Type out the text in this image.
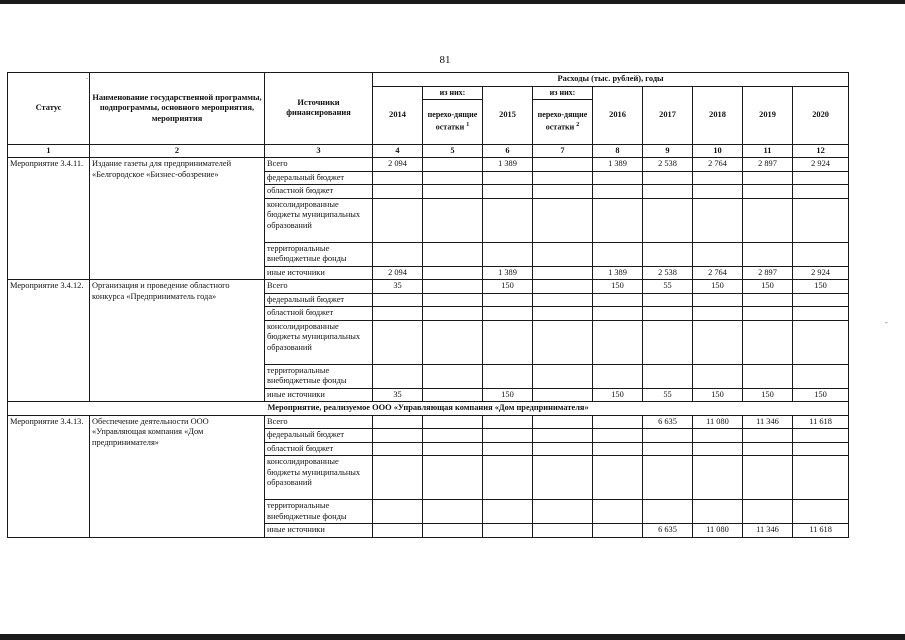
81
.
-
Статус	Наименование государственной программы, подпрограммы, основного мероприятия, мероприятия	Источники финансирования	Расходы (тыс. рублей), годы								
			2014	из них:	2015	из них:	2016	2017	2018	2019	2020
				перехо-дящие остатки $^1$		перехо-дящие остатки $^2$
1	2	3	4	5	6	7	8	9	10	11	12
Мероприятие 3.4.11.	Издание газеты для предпринимателей «Белгородское «Бизнес-обозрение»	Всего	2 094		1 389		1 389	2 538	2 764	2 897	2 924
		федеральный бюджет									
		областной бюджет									
		консолидированные бюджеты муниципальных образований									
		территориальные внебюджетные фонды									
		иные источники	2 094		1 389		1 389	2 538	2 764	2 897	2 924
Мероприятие 3.4.12.	Организация и проведение областного конкурса «Предприниматель года»	Всего	35		150		150	55	150	150	150
		федеральный бюджет									
		областной бюджет									
		консолидированные бюджеты муниципальных образований									
		территориальные внебюджетные фонды									
		иные источники	35		150		150	55	150	150	150
Мероприятие, реализуемое ООО «Управляющая компания «Дом предпринимателя»											
Мероприятие 3.4.13.	Обеспечение деятельности ООО «Управляющая компания «Дом предпринимателя»	Всего						6 635	11 080	11 346	11 618
		федеральный бюджет									
		областной бюджет									
		консолидированные бюджеты муниципальных образований									
		территориальные внебюджетные фонды									
		иные источники						6 635	11 080	11 346	11 618
